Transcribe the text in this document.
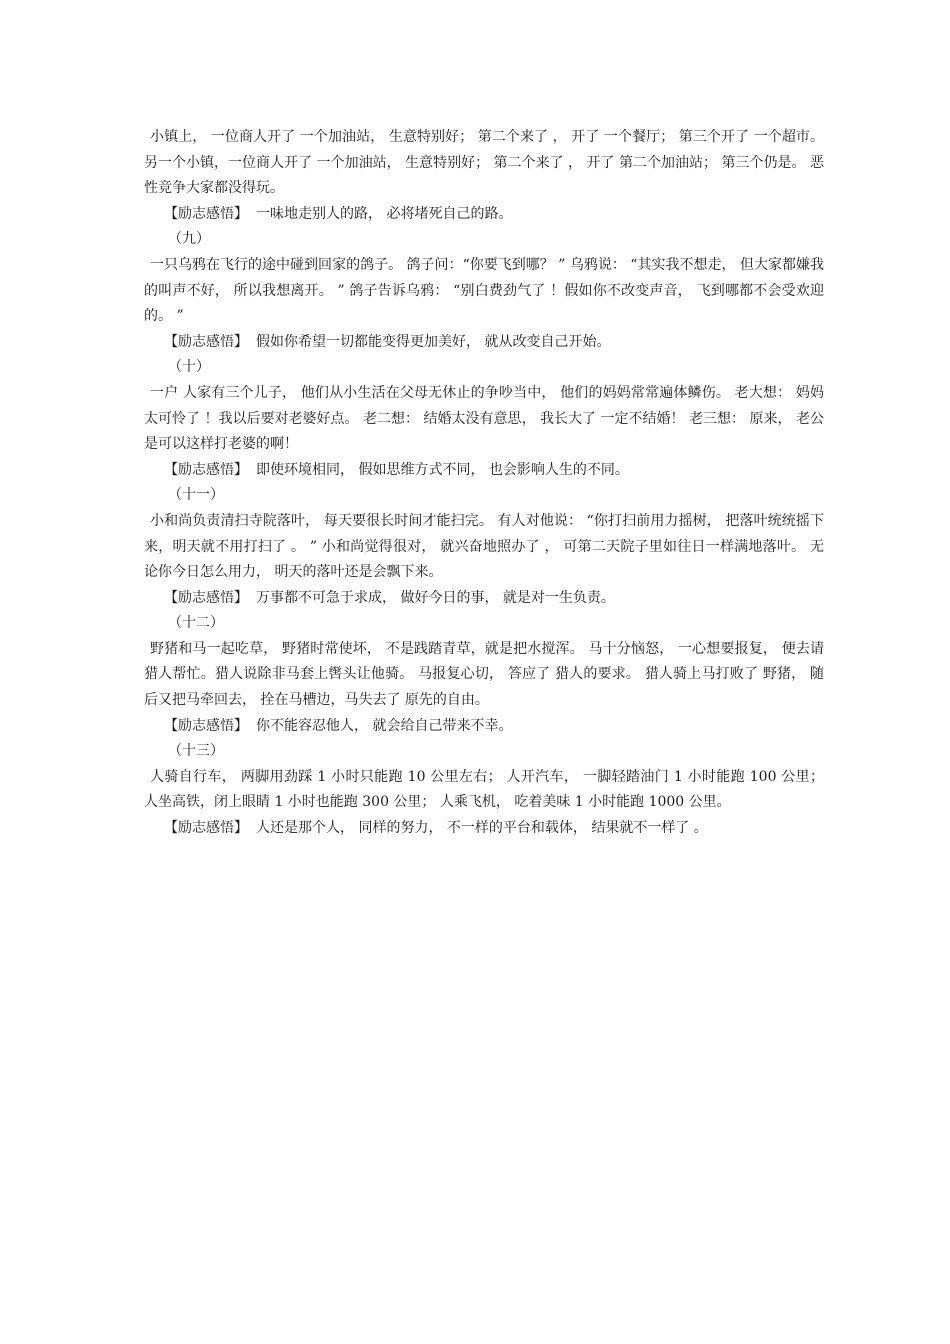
小镇上， 一位商人开了 一个加油站， 生意特别好； 第二个来了 ， 开了 一个餐厅； 第三个开了 一个超市。 另一个小镇，一位商人开了 一个加油站， 生意特别好； 第二个来了 ， 开了 第二个加油站； 第三个仍是。 恶性竞争大家都没得玩。

【励志感悟】 一味地走别人的路， 必将堵死自己的路。

（九）

一只乌鸦在飞行的途中碰到回家的鸽子。 鸽子问：“你要飞到哪？ ” 乌鸦说： “其实我不想走， 但大家都嫌我的叫声不好， 所以我想离开。 ” 鸽子告诉乌鸦： “别白费劲气了 ！假如你不改变声音， 飞到哪都不会受欢迎的。 ”

【励志感悟】 假如你希望一切都能变得更加美好， 就从改变自己开始。

（十）

一户 人家有三个儿子， 他们从小生活在父母无休止的争吵当中， 他们的妈妈常常遍体鳞伤。 老大想： 妈妈太可怜了 ！我以后要对老婆好点。 老二想： 结婚太没有意思， 我长大了 一定不结婚！ 老三想： 原来， 老公是可以这样打老婆的啊！

【励志感悟】 即使环境相同， 假如思维方式不同， 也会影响人生的不同。

（十一）

小和尚负责清扫寺院落叶， 每天要很长时间才能扫完。 有人对他说： “你打扫前用力摇树， 把落叶统统摇下来，明天就不用打扫了 。 ” 小和尚觉得很对， 就兴奋地照办了 ， 可第二天院子里如往日一样满地落叶。 无论你今日怎么用力， 明天的落叶还是会飘下来。

【励志感悟】 万事都不可急于求成， 做好今日的事， 就是对一生负责。

（十二）

野猪和马一起吃草， 野猪时常使坏， 不是践踏青草，就是把水搅浑。 马十分恼怒， 一心想要报复， 便去请猎人帮忙。猎人说除非马套上辔头让他骑。 马报复心切， 答应了 猎人的要求。 猎人骑上马打败了 野猪， 随后又把马牵回去， 拴在马槽边，马失去了 原先的自由。

【励志感悟】 你不能容忍他人， 就会给自己带来不幸。

（十三）

人骑自行车， 两脚用劲踩 1 小时只能跑 10 公里左右； 人开汽车， 一脚轻踏油门 1 小时能跑 100 公里； 人坐高铁，闭上眼睛 1 小时也能跑 300 公里； 人乘飞机， 吃着美味 1 小时能跑 1000 公里。

【励志感悟】 人还是那个人， 同样的努力， 不一样的平台和载体， 结果就不一样了 。
